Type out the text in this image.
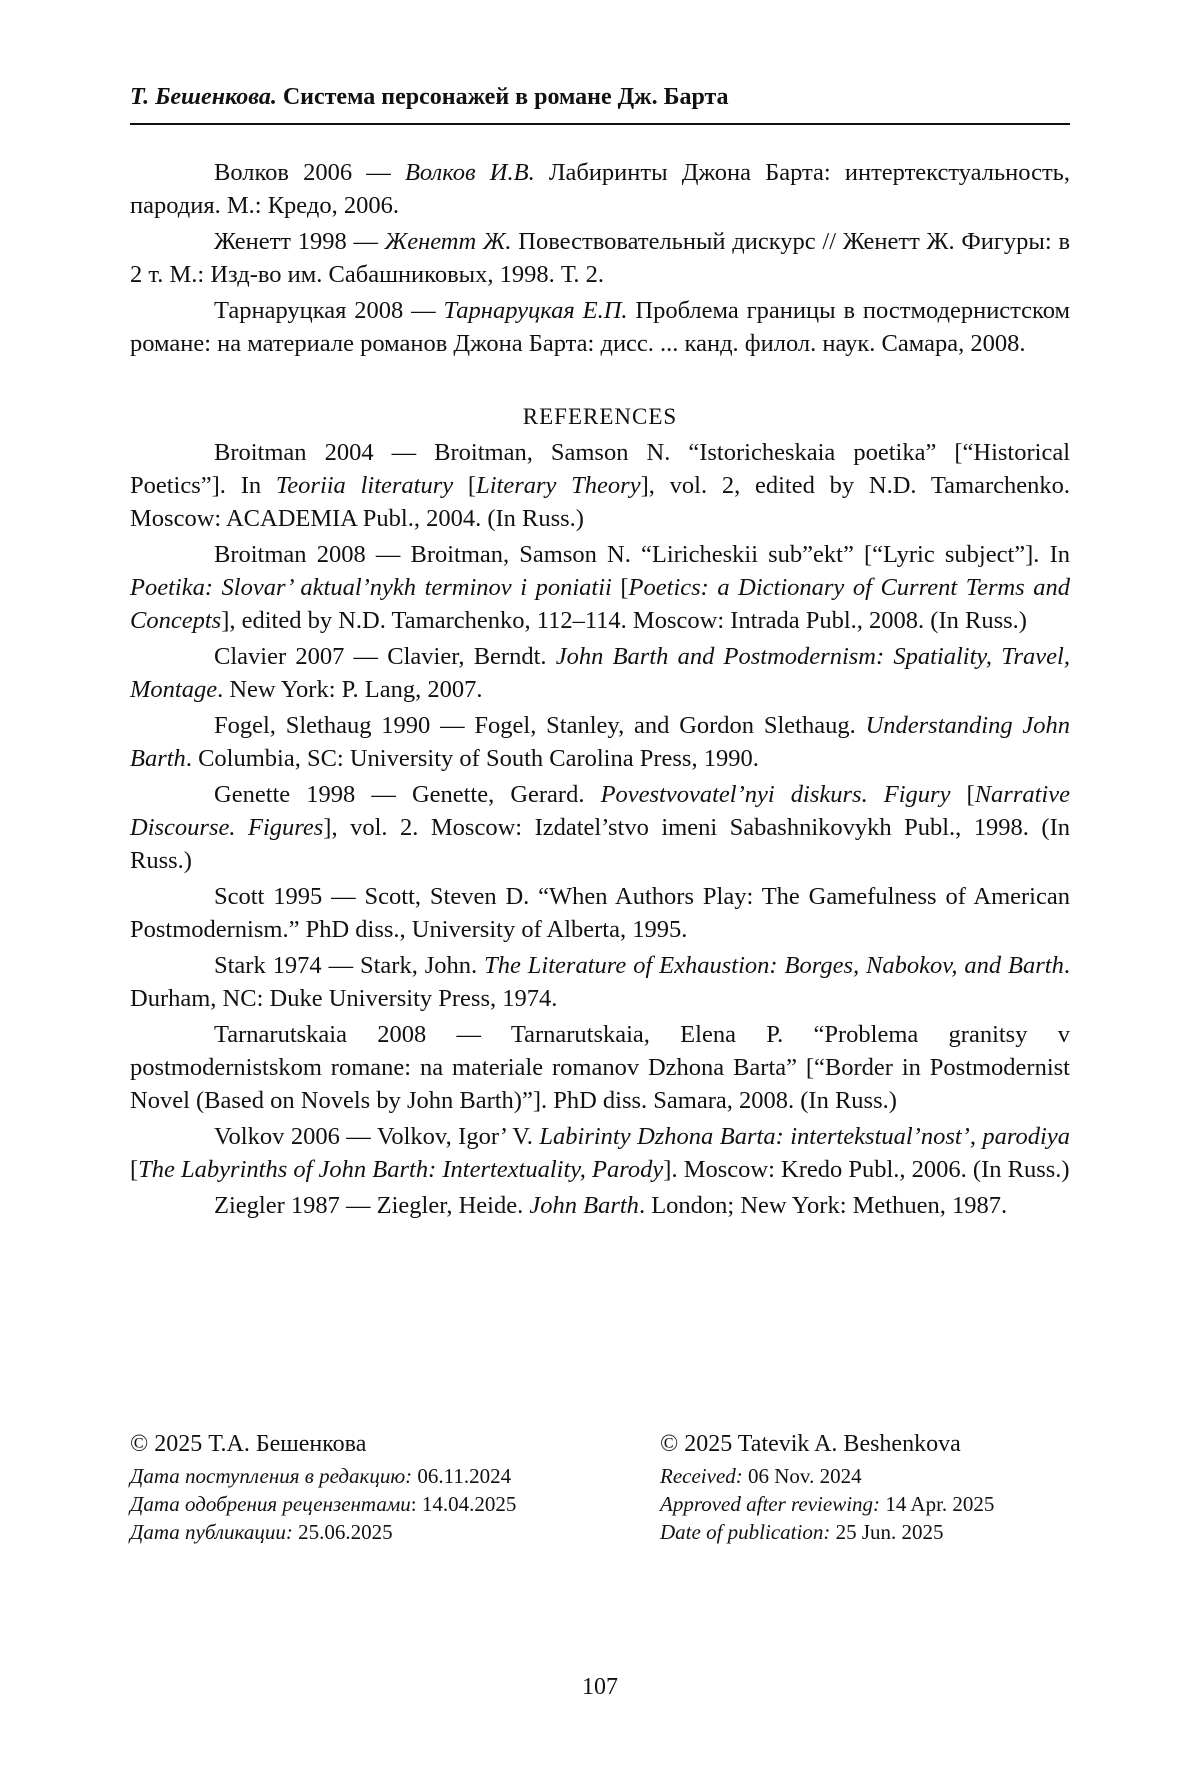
Т. Бешенкова. Система персонажей в романе Дж. Барта

Волков 2006 — Волков И.В. Лабиринты Джона Барта: интертекстуальность, пародия. М.: Кредо, 2006.

Женетт 1998 — Женетт Ж. Повествовательный дискурс // Женетт Ж. Фигуры: в 2 т. М.: Изд-во им. Сабашниковых, 1998. Т. 2.

Тарнаруцкая 2008 — Тарнаруцкая Е.П. Проблема границы в постмодернистском романе: на материале романов Джона Барта: дисс. ... канд. филол. наук. Самара, 2008.

REFERENCES

Broitman 2004 — Broitman, Samson N. “Istoricheskaia poetika” [“Historical Poetics”]. In Teoriia literatury [Literary Theory], vol. 2, edited by N.D. Tamarchenko. Moscow: ACADEMIA Publ., 2004. (In Russ.)

Broitman 2008 — Broitman, Samson N. “Liricheskii sub”ekt” [“Lyric subject”]. In Poetika: Slovar’ aktual’nykh terminov i poniatii [Poetics: a Dictionary of Current Terms and Concepts], edited by N.D. Tamarchenko, 112–114. Moscow: Intrada Publ., 2008. (In Russ.)

Clavier 2007 — Clavier, Berndt. John Barth and Postmodernism: Spatiality, Travel, Montage. New York: P. Lang, 2007.

Fogel, Slethaug 1990 — Fogel, Stanley, and Gordon Slethaug. Understanding John Barth. Columbia, SC: University of South Carolina Press, 1990.

Genette 1998 — Genette, Gerard. Povestvovatel’nyi diskurs. Figury [Narrative Discourse. Figures], vol. 2. Moscow: Izdatel’stvo imeni Sabashnikovykh Publ., 1998. (In Russ.)

Scott 1995 — Scott, Steven D. “When Authors Play: The Gamefulness of American Postmodernism.” PhD diss., University of Alberta, 1995.

Stark 1974 — Stark, John. The Literature of Exhaustion: Borges, Nabokov, and Barth. Durham, NC: Duke University Press, 1974.

Tarnarutskaia 2008 — Tarnarutskaia, Elena P. “Problema granitsy v postmodernistskom romane: na materiale romanov Dzhona Barta” [“Border in Postmodernist Novel (Based on Novels by John Barth)”]. PhD diss. Samara, 2008. (In Russ.)

Volkov 2006 — Volkov, Igor’ V. Labirinty Dzhona Barta: intertekstual’nost’, parodiya [The Labyrinths of John Barth: Intertextuality, Parody]. Moscow: Kredo Publ., 2006. (In Russ.)

Ziegler 1987 — Ziegler, Heide. John Barth. London; New York: Methuen, 1987.

© 2025 Т.А. Бешенкова
Дата поступления в редакцию: 06.11.2024
Дата одобрения рецензентами: 14.04.2025
Дата публикации: 25.06.2025
© 2025 Tatevik A. Beshenkova
Received: 06 Nov. 2024
Approved after reviewing: 14 Apr. 2025
Date of publication: 25 Jun. 2025
107
